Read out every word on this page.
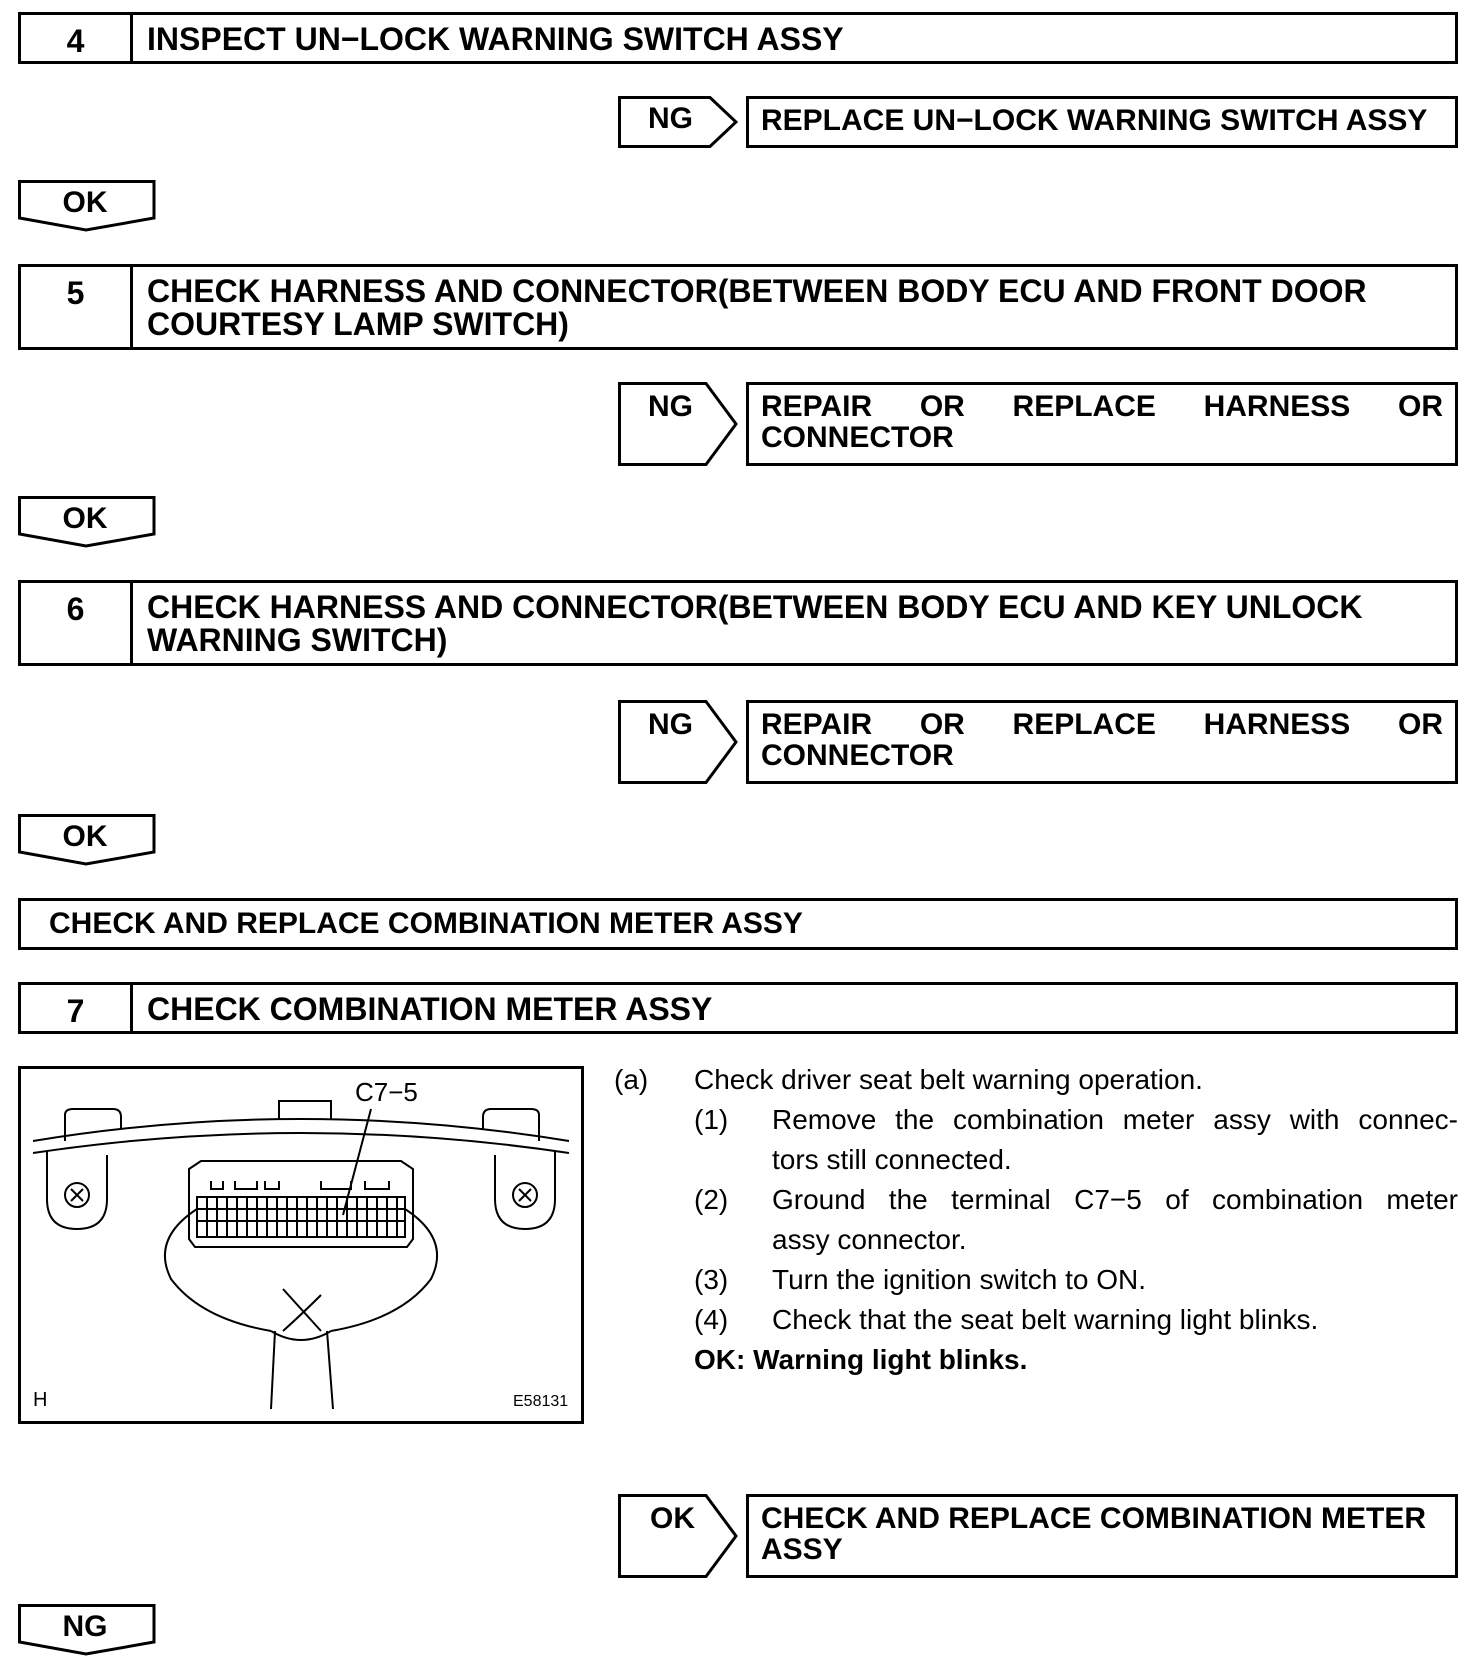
4	INSPECT UN−LOCK WARNING SWITCH ASSY
NG	REPLACE UN−LOCK WARNING SWITCH ASSY
OK
5	CHECK HARNESS AND CONNECTOR(BETWEEN BODY ECU AND FRONT DOOR
COURTESY LAMP SWITCH)
NG REPAIR OR REPLACE HARNESS OR
CONNECTOR
OK
6	CHECK HARNESS AND CONNECTOR(BETWEEN BODY ECU AND KEY UNLOCK
WARNING SWITCH)
NG REPAIR OR REPLACE HARNESS OR
CONNECTOR
OK
CHECK AND REPLACE COMBINATION METER ASSY
7	CHECK COMBINATION METER ASSY
C7−5
H	E58131
(a) Check driver seat belt warning operation.
(1) Remove the combination meter assy with connec-
tors still connected.
(2) Ground the terminal C7−5 of combination meter
assy connector.
(3) Turn the ignition switch to ON.
(4) Check that the seat belt warning light blinks.
OK: Warning light blinks.
OK CHECK AND REPLACE COMBINATION METER
ASSY
NG
